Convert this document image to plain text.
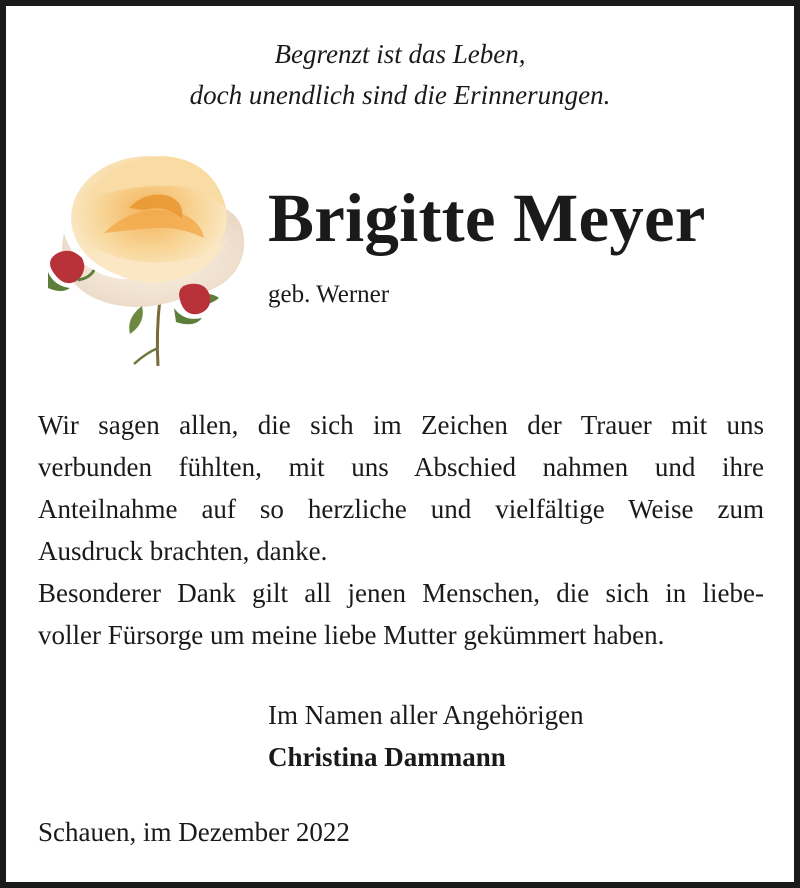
Begrenzt ist das Leben,
doch unendlich sind die Erinnerungen.
Brigitte Meyer
geb. Werner

Wir sagen allen, die sich im Zeichen der Trauer mit uns

verbunden fühlten, mit uns Abschied nahmen und ihre

Anteilnahme auf so herzliche und vielfältige Weise zum

Ausdruck brachten, danke.

Besonderer Dank gilt all jenen Menschen, die sich in liebe-

voller Fürsorge um meine liebe Mutter gekümmert haben.

Im Namen aller Angehörigen
Christina Dammann
Schauen, im Dezember 2022
